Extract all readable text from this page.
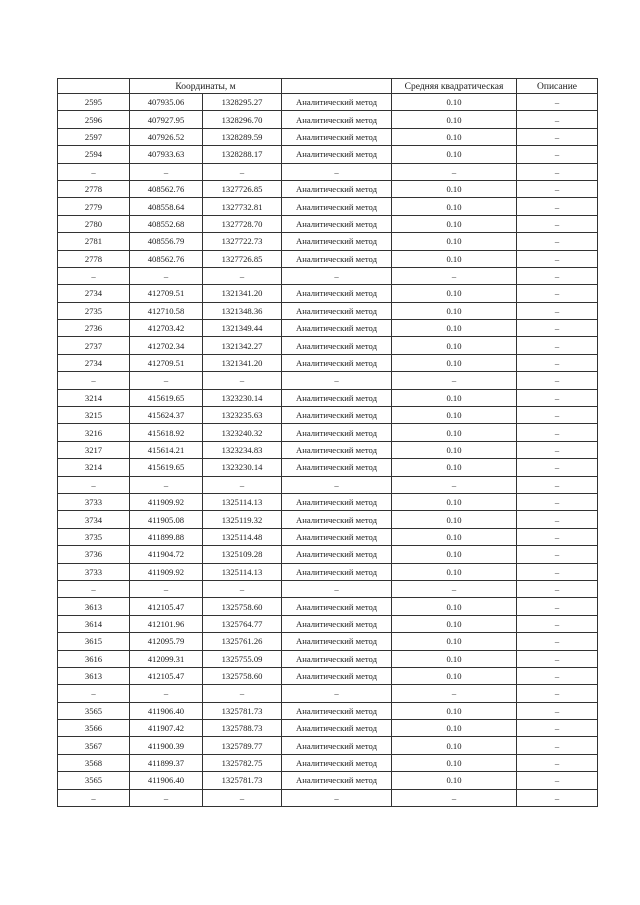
	Координаты, м			Средняя квадратическая	Описание
2595	407935.06	1328295.27	Аналитический метод	0.10	–
2596	407927.95	1328296.70	Аналитический метод	0.10	–
2597	407926.52	1328289.59	Аналитический метод	0.10	–
2594	407933.63	1328288.17	Аналитический метод	0.10	–
–	–	–	–	–	–
2778	408562.76	1327726.85	Аналитический метод	0.10	–
2779	408558.64	1327732.81	Аналитический метод	0.10	–
2780	408552.68	1327728.70	Аналитический метод	0.10	–
2781	408556.79	1327722.73	Аналитический метод	0.10	–
2778	408562.76	1327726.85	Аналитический метод	0.10	–
–	–	–	–	–	–
2734	412709.51	1321341.20	Аналитический метод	0.10	–
2735	412710.58	1321348.36	Аналитический метод	0.10	–
2736	412703.42	1321349.44	Аналитический метод	0.10	–
2737	412702.34	1321342.27	Аналитический метод	0.10	–
2734	412709.51	1321341.20	Аналитический метод	0.10	–
–	–	–	–	–	–
3214	415619.65	1323230.14	Аналитический метод	0.10	–
3215	415624.37	1323235.63	Аналитический метод	0.10	–
3216	415618.92	1323240.32	Аналитический метод	0.10	–
3217	415614.21	1323234.83	Аналитический метод	0.10	–
3214	415619.65	1323230.14	Аналитический метод	0.10	–
–	–	–	–	–	–
3733	411909.92	1325114.13	Аналитический метод	0.10	–
3734	411905.08	1325119.32	Аналитический метод	0.10	–
3735	411899.88	1325114.48	Аналитический метод	0.10	–
3736	411904.72	1325109.28	Аналитический метод	0.10	–
3733	411909.92	1325114.13	Аналитический метод	0.10	–
–	–	–	–	–	–
3613	412105.47	1325758.60	Аналитический метод	0.10	–
3614	412101.96	1325764.77	Аналитический метод	0.10	–
3615	412095.79	1325761.26	Аналитический метод	0.10	–
3616	412099.31	1325755.09	Аналитический метод	0.10	–
3613	412105.47	1325758.60	Аналитический метод	0.10	–
–	–	–	–	–	–
3565	411906.40	1325781.73	Аналитический метод	0.10	–
3566	411907.42	1325788.73	Аналитический метод	0.10	–
3567	411900.39	1325789.77	Аналитический метод	0.10	–
3568	411899.37	1325782.75	Аналитический метод	0.10	–
3565	411906.40	1325781.73	Аналитический метод	0.10	–
–	–	–	–	–	–
